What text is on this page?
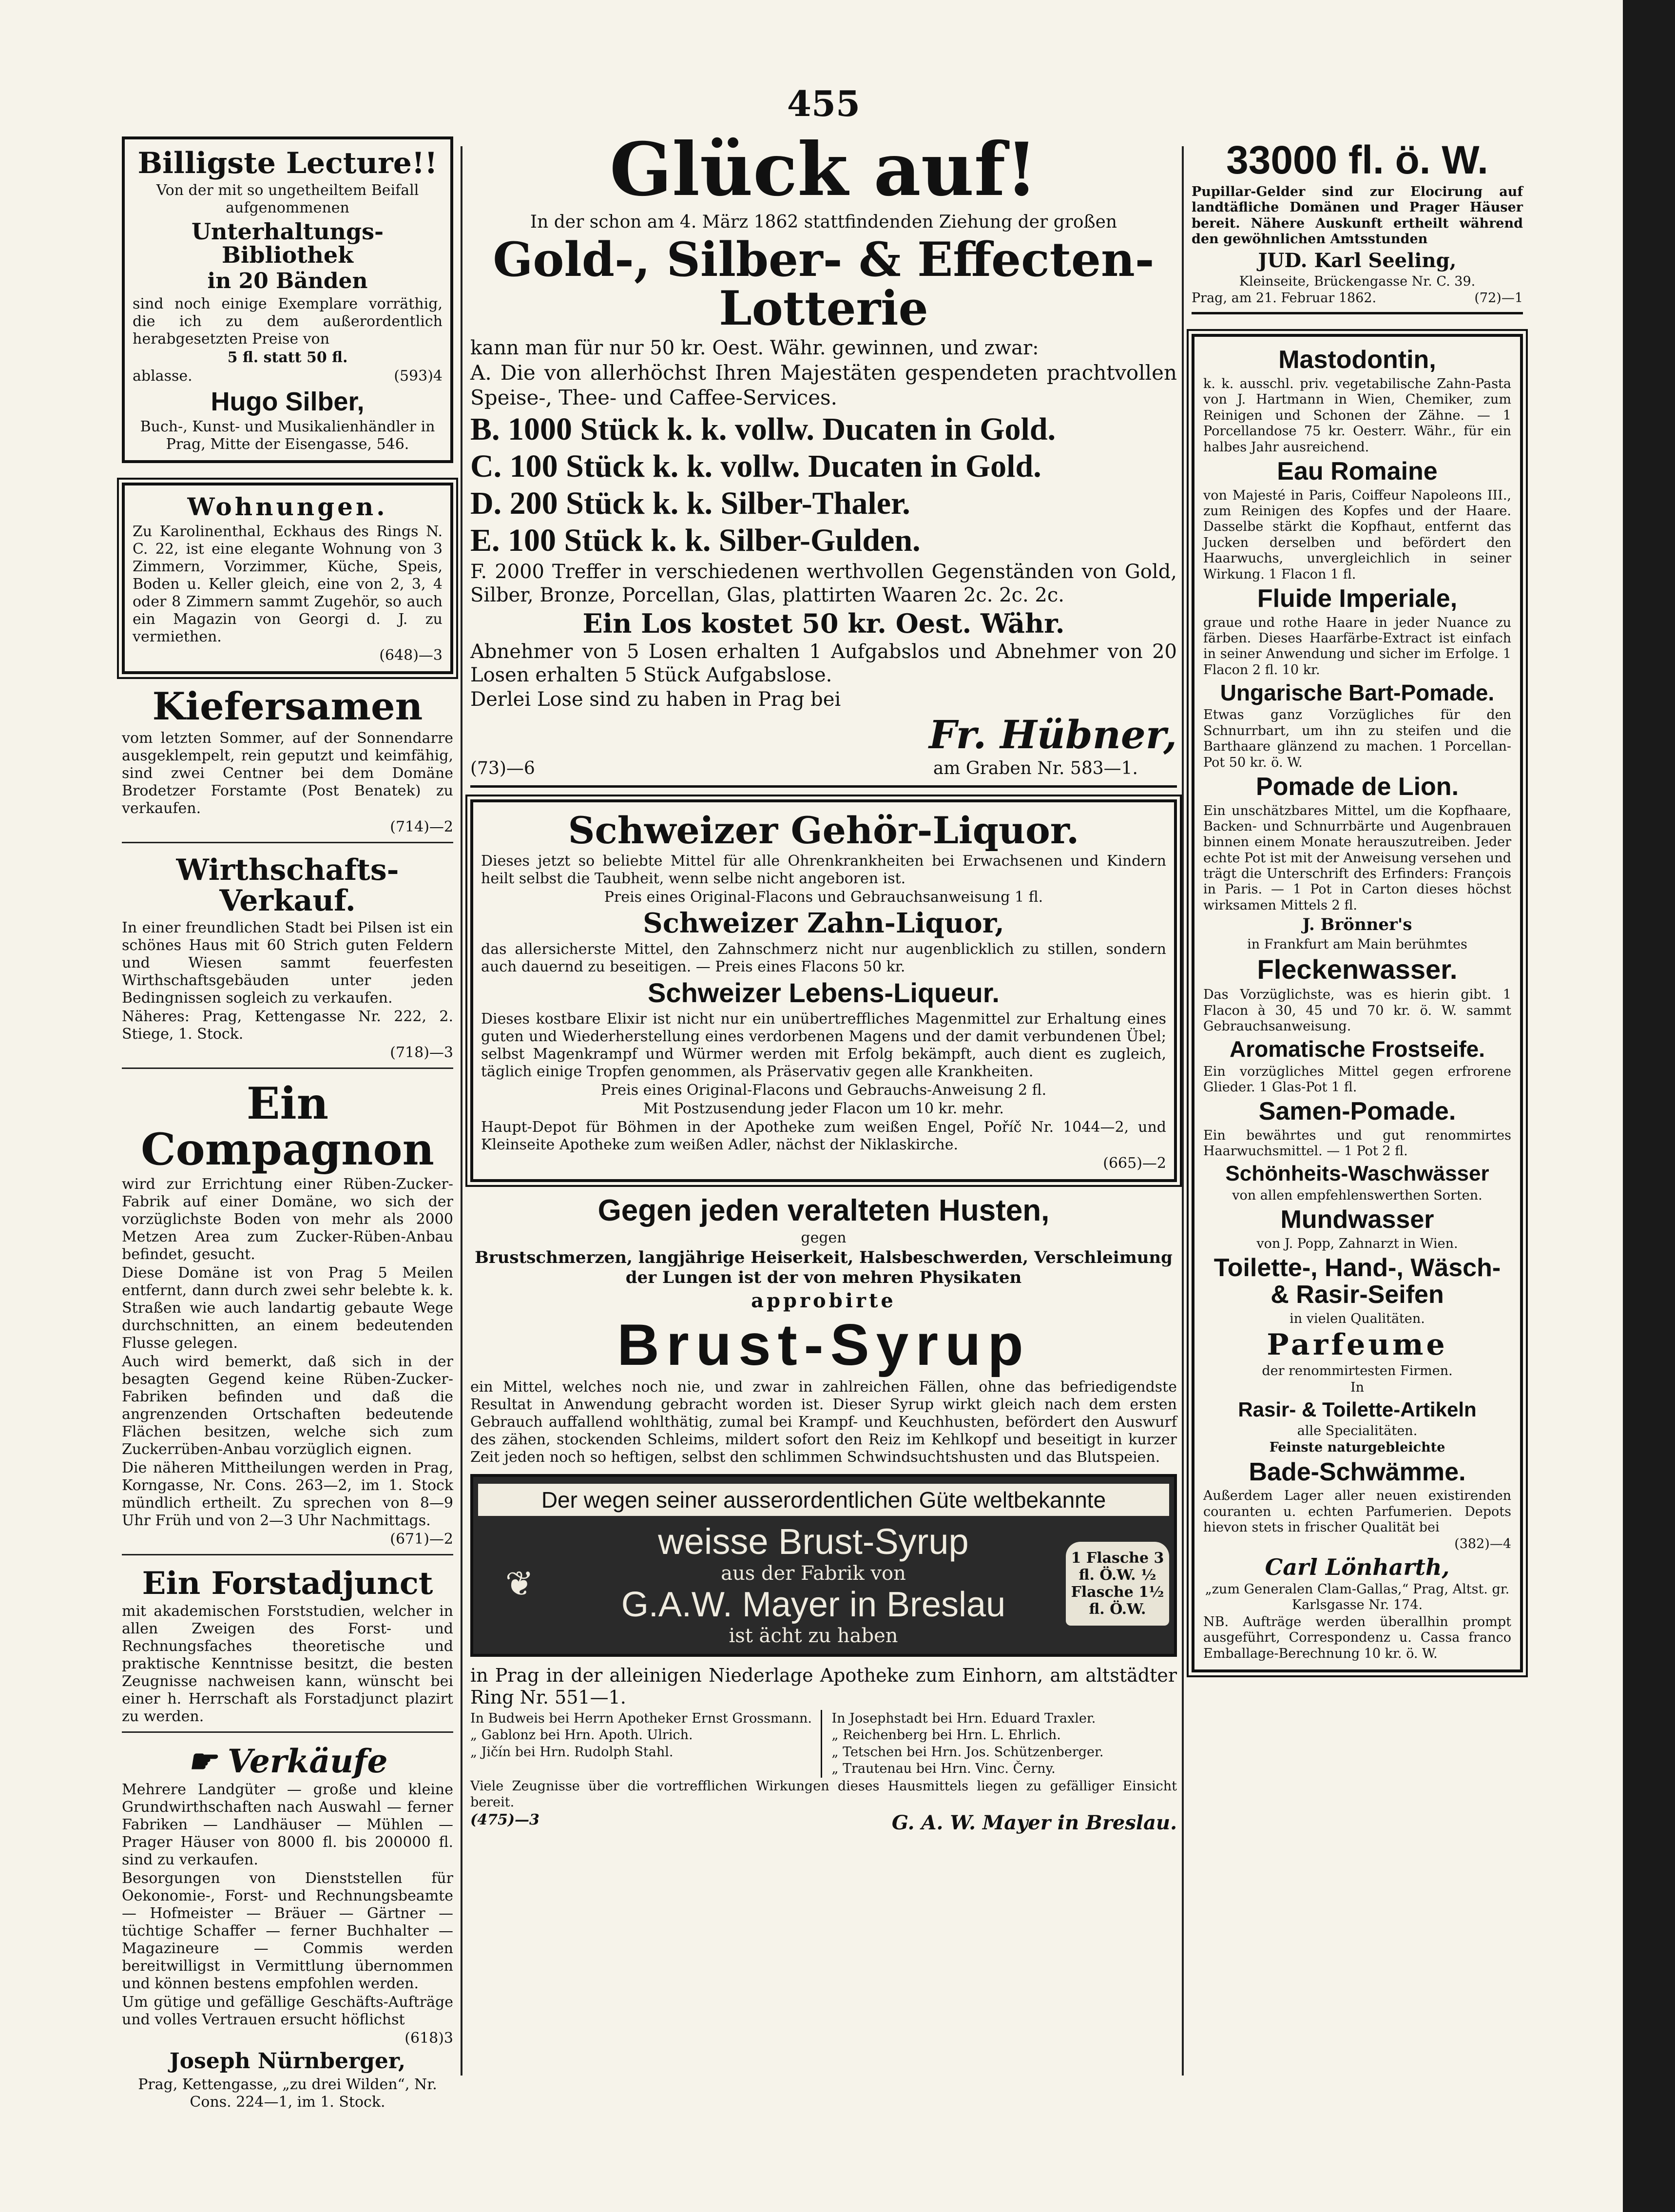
455
Billigste Lecture!!
Von der mit so ungetheiltem Beifall aufgenommenen
Unterhaltungs-Bibliothek
in 20 Bänden
sind noch einige Exemplare vorräthig, die ich zu dem außerordentlich herabgesetzten Preise von
5 fl. statt 50 fl.
ablasse.	(593)4
Hugo Silber,
Buch-, Kunst- und Musikalienhändler in Prag, Mitte der Eisengasse, 546.
Wohnungen.
Zu Karolinenthal, Eckhaus des Rings N. C. 22, ist eine elegante Wohnung von 3 Zimmern, Vorzimmer, Küche, Speis, Boden u. Keller gleich, eine von 2, 3, 4 oder 8 Zimmern sammt Zugehör, so auch ein Magazin von Georgi d. J. zu vermiethen.
(648)—3
Kiefersamen
vom letzten Sommer, auf der Sonnendarre ausgeklempelt, rein geputzt und keimfähig, sind zwei Centner bei dem Domäne Brodetzer Forstamte (Post Benatek) zu verkaufen.
(714)—2
Wirthschafts-Verkauf.
In einer freundlichen Stadt bei Pilsen ist ein schönes Haus mit 60 Strich guten Feldern und Wiesen sammt feuerfesten Wirthschaftsgebäuden unter jeden Bedingnissen sogleich zu verkaufen.
Näheres: Prag, Kettengasse Nr. 222, 2. Stiege, 1. Stock.
(718)—3
Ein Compagnon
wird zur Errichtung einer Rüben-Zucker-Fabrik auf einer Domäne, wo sich der vorzüglichste Boden von mehr als 2000 Metzen Area zum Zucker-Rüben-Anbau befindet, gesucht.
Diese Domäne ist von Prag 5 Meilen entfernt, dann durch zwei sehr belebte k. k. Straßen wie auch landartig gebaute Wege durchschnitten, an einem bedeutenden Flusse gelegen.
Auch wird bemerkt, daß sich in der besagten Gegend keine Rüben-Zucker-Fabriken befinden und daß die angrenzenden Ortschaften bedeutende Flächen besitzen, welche sich zum Zuckerrüben-Anbau vorzüglich eignen.
Die näheren Mittheilungen werden in Prag, Korngasse, Nr. Cons. 263—2, im 1. Stock mündlich ertheilt. Zu sprechen von 8—9 Uhr Früh und von 2—3 Uhr Nachmittags.
(671)—2
Ein Forstadjunct
mit akademischen Forststudien, welcher in allen Zweigen des Forst- und Rechnungsfaches theoretische und praktische Kenntnisse besitzt, die besten Zeugnisse nachweisen kann, wünscht bei einer h. Herrschaft als Forstadjunct plazirt zu werden.
☛ Verkäufe
Mehrere Landgüter — große und kleine Grundwirthschaften nach Auswahl — ferner Fabriken — Landhäuser — Mühlen — Prager Häuser von 8000 fl. bis 200000 fl. sind zu verkaufen.
Besorgungen von Dienststellen für Oekonomie-, Forst- und Rechnungsbeamte — Hofmeister — Bräuer — Gärtner — tüchtige Schaffer — ferner Buchhalter — Magazineure — Commis werden bereitwilligst in Vermittlung übernommen und können bestens empfohlen werden.
Um gütige und gefällige Geschäfts-Aufträge und volles Vertrauen ersucht höflichst
(618)3
Joseph Nürnberger,
Prag, Kettengasse, „zu drei Wilden“, Nr. Cons. 224—1, im 1. Stock.
Glück auf!
In der schon am 4. März 1862 stattfindenden Ziehung der großen
Gold-, Silber- & Effecten-Lotterie
kann man für nur 50 kr. Oest. Währ. gewinnen, und zwar:
A. Die von allerhöchst Ihren Majestäten gespendeten prachtvollen Speise-, Thee- und Caffee-Services.
B. 1000 Stück k. k. vollw. Ducaten in Gold.
C. 100 Stück k. k. vollw. Ducaten in Gold.
D. 200 Stück k. k. Silber-Thaler.
E. 100 Stück k. k. Silber-Gulden.
F. 2000 Treffer in verschiedenen werthvollen Gegenständen von Gold, Silber, Bronze, Porcellan, Glas, plattirten Waaren 2c. 2c. 2c.
Ein Los kostet 50 kr. Oest. Währ.
Abnehmer von 5 Losen erhalten 1 Aufgabslos und Abnehmer von 20 Losen erhalten 5 Stück Aufgabslose.
Derlei Lose sind zu haben in Prag bei
Fr. Hübner,
(73)—6	am Graben Nr. 583—1.
Schweizer Gehör-Liquor.
Dieses jetzt so beliebte Mittel für alle Ohrenkrankheiten bei Erwachsenen und Kindern heilt selbst die Taubheit, wenn selbe nicht angeboren ist.
Preis eines Original-Flacons und Gebrauchsanweisung 1 fl.
Schweizer Zahn-Liquor,
das allersicherste Mittel, den Zahnschmerz nicht nur augenblicklich zu stillen, sondern auch dauernd zu beseitigen. — Preis eines Flacons 50 kr.
Schweizer Lebens-Liqueur.
Dieses kostbare Elixir ist nicht nur ein unübertreffliches Magenmittel zur Erhaltung eines guten und Wiederherstellung eines verdorbenen Magens und der damit verbundenen Übel; selbst Magenkrampf und Würmer werden mit Erfolg bekämpft, auch dient es zugleich, täglich einige Tropfen genommen, als Präservativ gegen alle Krankheiten.
Preis eines Original-Flacons und Gebrauchs-Anweisung 2 fl.
Mit Postzusendung jeder Flacon um 10 kr. mehr.
Haupt-Depot für Böhmen in der Apotheke zum weißen Engel, Poříč Nr. 1044—2, und Kleinseite Apotheke zum weißen Adler, nächst der Niklaskirche.
(665)—2
Gegen jeden veralteten Husten,
gegen
Brustschmerzen, langjährige Heiserkeit, Halsbeschwerden, Verschleimung der Lungen ist der von mehren Physikaten
approbirte
Brust-Syrup
ein Mittel, welches noch nie, und zwar in zahlreichen Fällen, ohne das befriedigendste Resultat in Anwendung gebracht worden ist. Dieser Syrup wirkt gleich nach dem ersten Gebrauch auffallend wohlthätig, zumal bei Krampf- und Keuchhusten, befördert den Auswurf des zähen, stockenden Schleims, mildert sofort den Reiz im Kehlkopf und beseitigt in kurzer Zeit jeden noch so heftigen, selbst den schlimmen Schwindsuchtshusten und das Blutspeien.
Der wegen seiner ausserordentlichen Güte weltbekannte
❦
weisse Brust-Syrup
aus der Fabrik von
G.A.W. Mayer in Breslau
ist ächt zu haben
1 Flasche 3 fl. Ö.W. ½ Flasche 1½ fl. Ö.W.
in Prag in der alleinigen Niederlage Apotheke zum Einhorn, am altstädter Ring Nr. 551—1.
In Budweis bei Herrn Apotheker Ernst Grossmann.
„ Gablonz bei Hrn. Apoth. Ulrich.
„ Jičín bei Hrn. Rudolph Stahl.
In Josephstadt bei Hrn. Eduard Traxler.
„ Reichenberg bei Hrn. L. Ehrlich.
„ Tetschen bei Hrn. Jos. Schützenberger.
„ Trautenau bei Hrn. Vinc. Černy.
Viele Zeugnisse über die vortrefflichen Wirkungen dieses Hausmittels liegen zu gefälliger Einsicht bereit.
(475)—3	G. A. W. Mayer in Breslau.
33000 fl. ö. W.
Pupillar-Gelder sind zur Elocirung auf landtäfliche Domänen und Prager Häuser bereit. Nähere Auskunft ertheilt während den gewöhnlichen Amtsstunden
JUD. Karl Seeling,
Kleinseite, Brückengasse Nr. C. 39.
Prag, am 21. Februar 1862.	(72)—1
Mastodontin,
k. k. ausschl. priv. vegetabilische Zahn-Pasta von J. Hartmann in Wien, Chemiker, zum Reinigen und Schonen der Zähne. — 1 Porcellandose 75 kr. Oesterr. Währ., für ein halbes Jahr ausreichend.
Eau Romaine
von Majesté in Paris, Coiffeur Napoleons III., zum Reinigen des Kopfes und der Haare. Dasselbe stärkt die Kopfhaut, entfernt das Jucken derselben und befördert den Haarwuchs, unvergleichlich in seiner Wirkung. 1 Flacon 1 fl.
Fluide Imperiale,
graue und rothe Haare in jeder Nuance zu färben. Dieses Haarfärbe-Extract ist einfach in seiner Anwendung und sicher im Erfolge. 1 Flacon 2 fl. 10 kr.
Ungarische Bart-Pomade.
Etwas ganz Vorzügliches für den Schnurrbart, um ihn zu steifen und die Barthaare glänzend zu machen. 1 Porcellan-Pot 50 kr. ö. W.
Pomade de Lion.
Ein unschätzbares Mittel, um die Kopfhaare, Backen- und Schnurrbärte und Augenbrauen binnen einem Monate herauszutreiben. Jeder echte Pot ist mit der Anweisung versehen und trägt die Unterschrift des Erfinders: François in Paris. — 1 Pot in Carton dieses höchst wirksamen Mittels 2 fl.
J. Brönner's
in Frankfurt am Main berühmtes
Fleckenwasser.
Das Vorzüglichste, was es hierin gibt. 1 Flacon à 30, 45 und 70 kr. ö. W. sammt Gebrauchsanweisung.
Aromatische Frostseife.
Ein vorzügliches Mittel gegen erfrorene Glieder. 1 Glas-Pot 1 fl.
Samen-Pomade.
Ein bewährtes und gut renommirtes Haarwuchsmittel. — 1 Pot 2 fl.
Schönheits-Waschwässer
von allen empfehlenswerthen Sorten.
Mundwasser
von J. Popp, Zahnarzt in Wien.
Toilette-, Hand-, Wäsch- & Rasir-Seifen
in vielen Qualitäten.
Parfeume
der renommirtesten Firmen.
In
Rasir- & Toilette-Artikeln
alle Specialitäten.
Feinste naturgebleichte
Bade-Schwämme.
Außerdem Lager aller neuen existirenden couranten u. echten Parfumerien. Depots hievon stets in frischer Qualität bei
(382)—4
Carl Lönharth,
„zum Generalen Clam-Gallas,“ Prag, Altst. gr. Karlsgasse Nr. 174.
NB. Aufträge werden überallhin prompt ausgeführt, Correspondenz u. Cassa franco Emballage-Berechnung 10 kr. ö. W.
